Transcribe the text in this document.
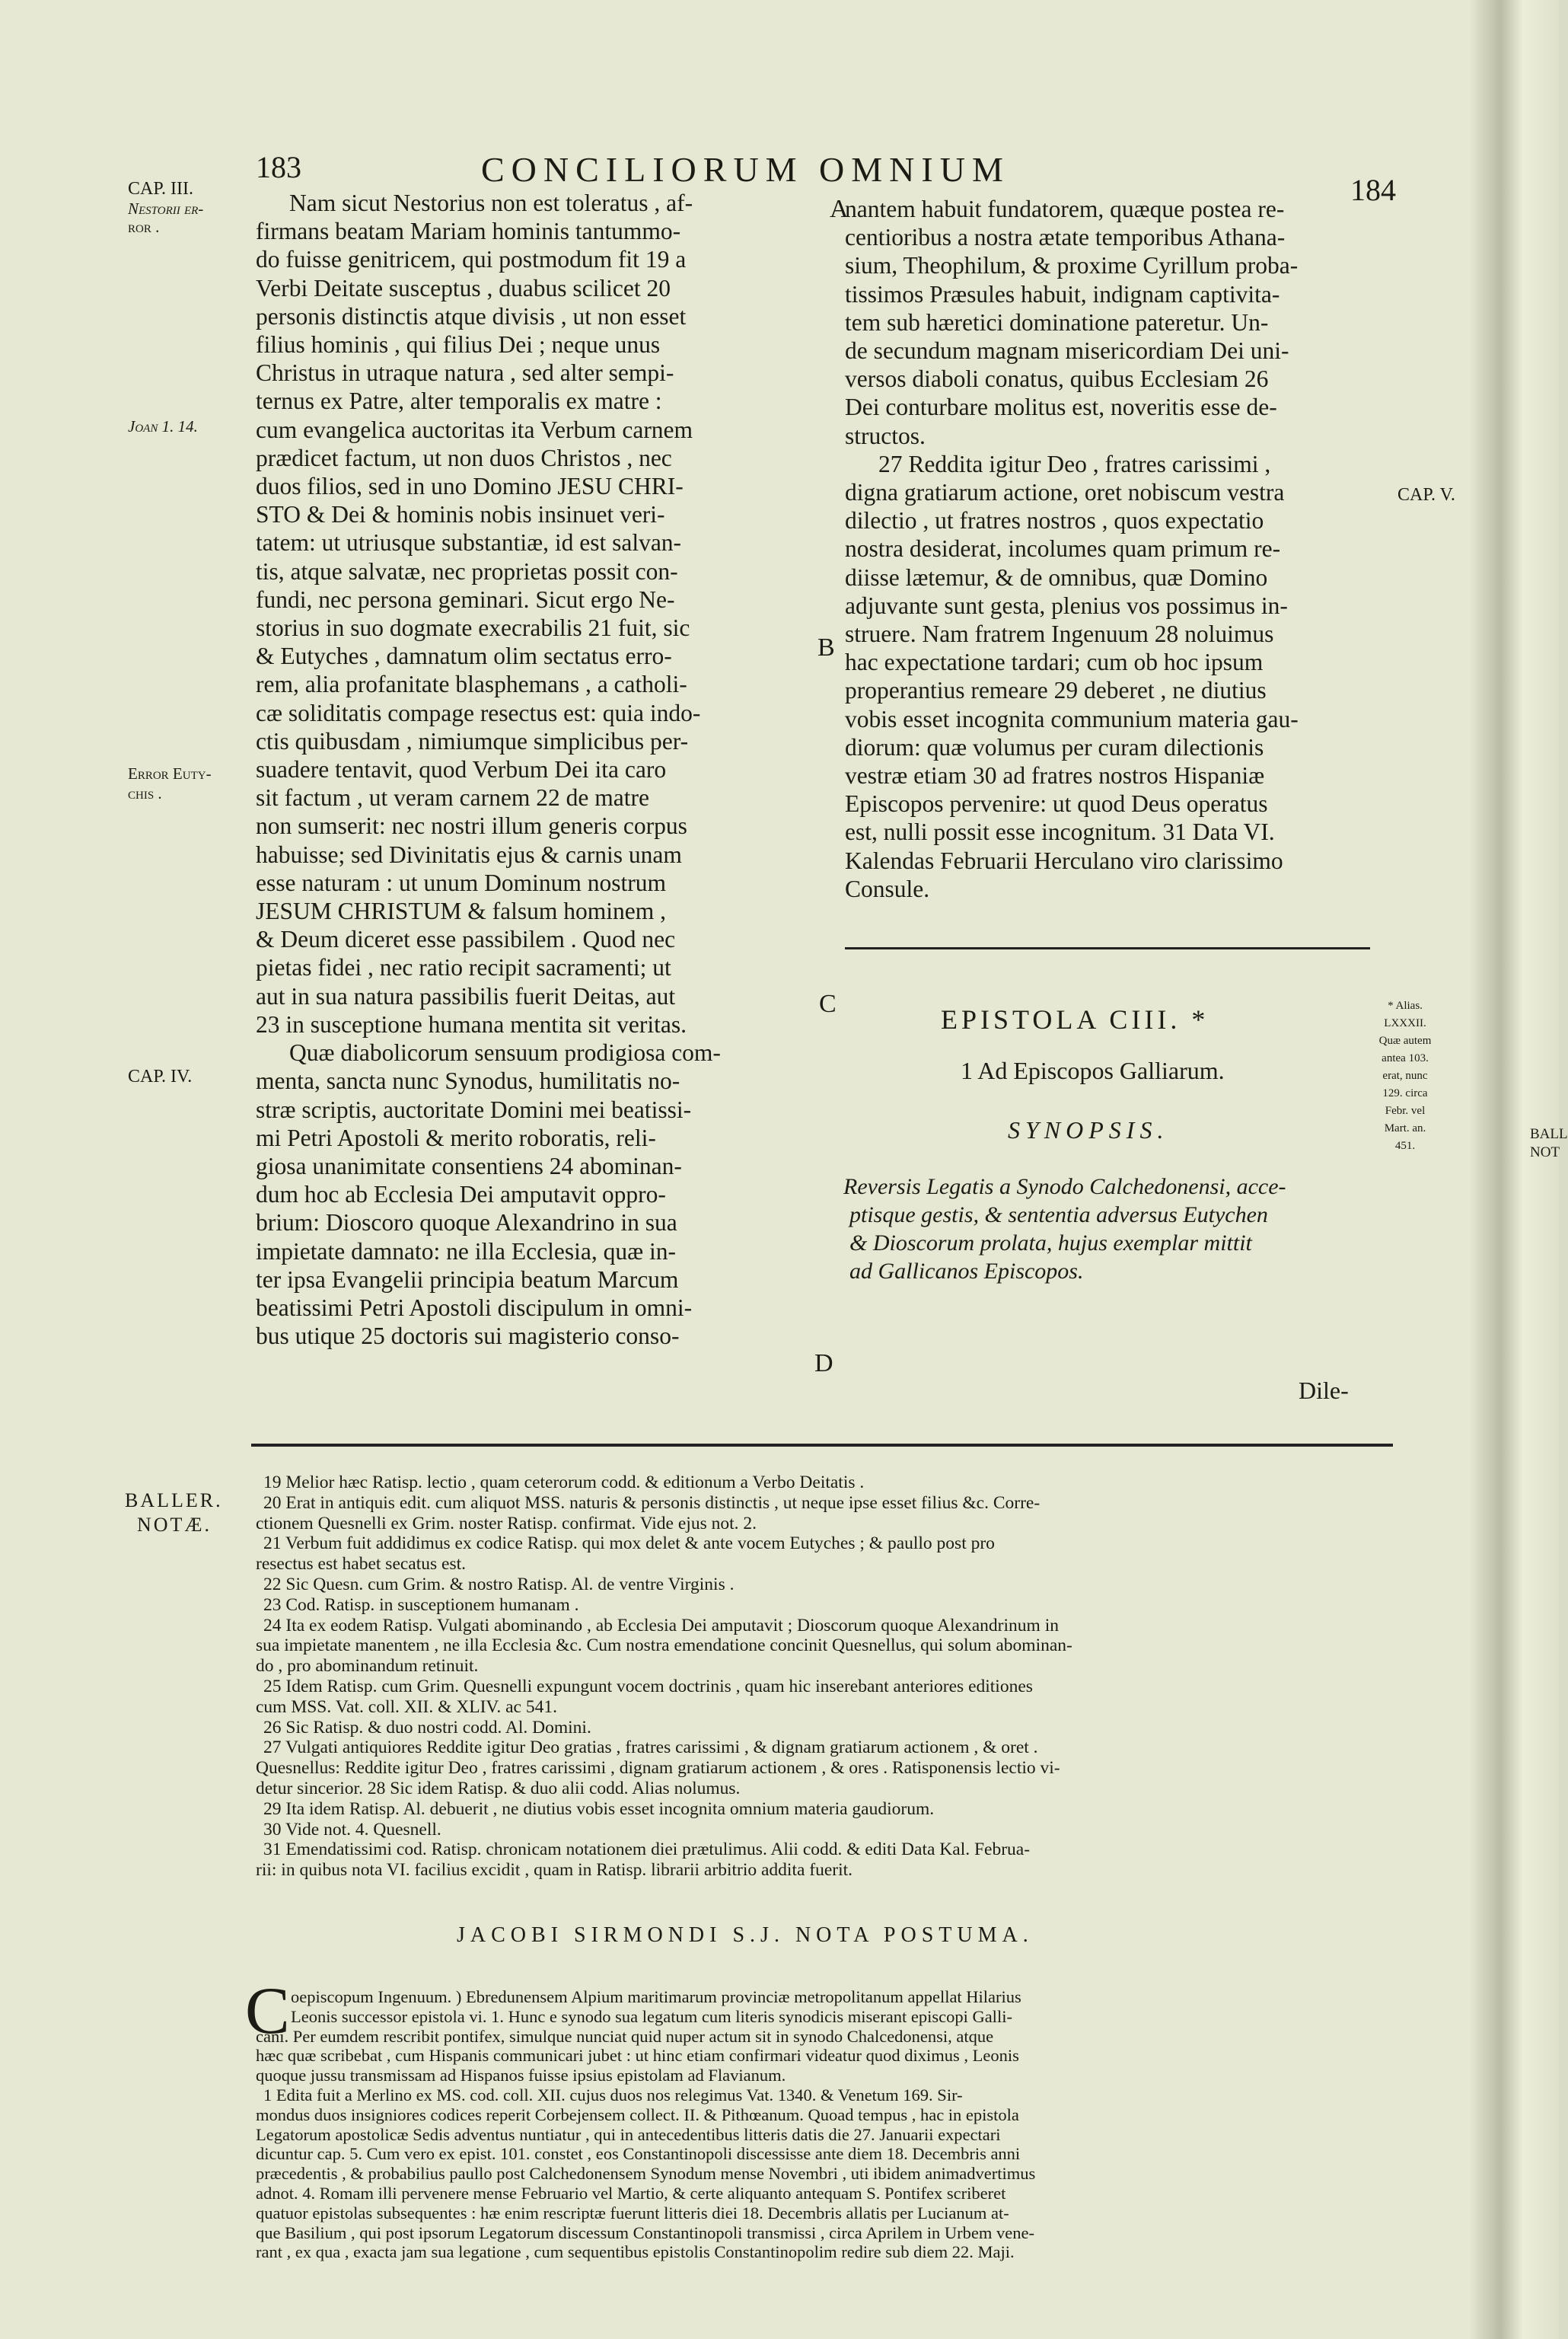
183	CONCILIORUM OMNIUM
184
CAP. III.
Nestorii er-
ror .
Joan 1. 14.
Error Euty-
chis .
CAP. IV.
BALLER.
NOTÆ.
CAP. V.
* Alias.
LXXXII.
Quæ autem
antea 103.
erat, nunc
129. circa
Febr. vel
Mart. an.
451.
BALL
NOT
A
B
C
D

Nam sicut Nestorius non est toleratus , af-

firmans beatam Mariam hominis tantummo-

do fuisse genitricem, qui postmodum fit 19 a

Verbi Deitate susceptus , duabus scilicet 20

personis distinctis atque divisis , ut non esset

filius hominis , qui filius Dei ; neque unus

Christus in utraque natura , sed alter sempi-

ternus ex Patre, alter temporalis ex matre :

cum evangelica auctoritas ita Verbum carnem

prædicet factum, ut non duos Christos , nec

duos filios, sed in uno Domino JESU CHRI-

STO & Dei & hominis nobis insinuet veri-

tatem: ut utriusque substantiæ, id est salvan-

tis, atque salvatæ, nec proprietas possit con-

fundi, nec persona geminari. Sicut ergo Ne-

storius in suo dogmate execrabilis 21 fuit, sic

& Eutyches , damnatum olim sectatus erro-

rem, alia profanitate blasphemans , a catholi-

cæ soliditatis compage resectus est: quia indo-

ctis quibusdam , nimiumque simplicibus per-

suadere tentavit, quod Verbum Dei ita caro

sit factum , ut veram carnem 22 de matre

non sumserit: nec nostri illum generis corpus

habuisse; sed Divinitatis ejus & carnis unam

esse naturam : ut unum Dominum nostrum

JESUM CHRISTUM & falsum hominem ,

& Deum diceret esse passibilem . Quod nec

pietas fidei , nec ratio recipit sacramenti; ut

aut in sua natura passibilis fuerit Deitas, aut

23 in susceptione humana mentita sit veritas.

Quæ diabolicorum sensuum prodigiosa com-

menta, sancta nunc Synodus, humilitatis no-

stræ scriptis, auctoritate Domini mei beatissi-

mi Petri Apostoli & merito roboratis, reli-

giosa unanimitate consentiens 24 abominan-

dum hoc ab Ecclesia Dei amputavit oppro-

brium: Dioscoro quoque Alexandrino in sua

impietate damnato: ne illa Ecclesia, quæ in-

ter ipsa Evangelii principia beatum Marcum

beatissimi Petri Apostoli discipulum in omni-

bus utique 25 doctoris sui magisterio conso-

nantem habuit fundatorem, quæque postea re-

centioribus a nostra ætate temporibus Athana-

sium, Theophilum, & proxime Cyrillum proba-

tissimos Præsules habuit, indignam captivita-

tem sub hæretici dominatione pateretur. Un-

de secundum magnam misericordiam Dei uni-

versos diaboli conatus, quibus Ecclesiam 26

Dei conturbare molitus est, noveritis esse de-

structos.

27 Reddita igitur Deo , fratres carissimi ,

digna gratiarum actione, oret nobiscum vestra

dilectio , ut fratres nostros , quos expectatio

nostra desiderat, incolumes quam primum re-

diisse lætemur, & de omnibus, quæ Domino

adjuvante sunt gesta, plenius vos possimus in-

struere. Nam fratrem Ingenuum 28 noluimus

hac expectatione tardari; cum ob hoc ipsum

properantius remeare 29 deberet , ne diutius

vobis esset incognita communium materia gau-

diorum: quæ volumus per curam dilectionis

vestræ etiam 30 ad fratres nostros Hispaniæ

Episcopos pervenire: ut quod Deus operatus

est, nulli possit esse incognitum. 31 Data VI.

Kalendas Februarii Herculano viro clarissimo

Consule.

EPISTOLA CIII. *
1 Ad Episcopos Galliarum.
SYNOPSIS.
Reversis Legatis a Synodo Calchedonensi, acce-
ptisque gestis, & sententia adversus Eutychen
& Dioscorum prolata, hujus exemplar mittit
ad Gallicanos Episcopos.
Dile-
19 Melior hæc Ratisp. lectio , quam ceterorum codd. & editionum a Verbo Deitatis .
20 Erat in antiquis edit. cum aliquot MSS. naturis & personis distinctis , ut neque ipse esset filius &c. Corre-
ctionem Quesnelli ex Grim. noster Ratisp. confirmat. Vide ejus not. 2.
21 Verbum fuit addidimus ex codice Ratisp. qui mox delet & ante vocem Eutyches ; & paullo post pro
resectus est habet secatus est.
22 Sic Quesn. cum Grim. & nostro Ratisp. Al. de ventre Virginis .
23 Cod. Ratisp. in susceptionem humanam .
24 Ita ex eodem Ratisp. Vulgati abominando , ab Ecclesia Dei amputavit ; Dioscorum quoque Alexandrinum in
sua impietate manentem , ne illa Ecclesia &c. Cum nostra emendatione concinit Quesnellus, qui solum abominan-
do , pro abominandum retinuit.
25 Idem Ratisp. cum Grim. Quesnelli expungunt vocem doctrinis , quam hic inserebant anteriores editiones
cum MSS. Vat. coll. XII. & XLIV. ac 541.
26 Sic Ratisp. & duo nostri codd. Al. Domini.
27 Vulgati antiquiores Reddite igitur Deo gratias , fratres carissimi , & dignam gratiarum actionem , & oret .
Quesnellus: Reddite igitur Deo , fratres carissimi , dignam gratiarum actionem , & ores . Ratisponensis lectio vi-
detur sincerior. 28 Sic idem Ratisp. & duo alii codd. Alias nolumus.
29 Ita idem Ratisp. Al. debuerit , ne diutius vobis esset incognita omnium materia gaudiorum.
30 Vide not. 4. Quesnell.
31 Emendatissimi cod. Ratisp. chronicam notationem diei prætulimus. Alii codd. & editi Data Kal. Februa-
rii: in quibus nota VI. facilius excidit , quam in Ratisp. librarii arbitrio addita fuerit.
JACOBI SIRMONDI S.J. NOTA POSTUMA.
C oepiscopum Ingenuum. ) Ebredunensem Alpium maritimarum provinciæ metropolitanum appellat Hilarius
Leonis successor epistola vi. 1. Hunc e synodo sua legatum cum literis synodicis miserant episcopi Galli-
cani. Per eumdem rescribit pontifex, simulque nunciat quid nuper actum sit in synodo Chalcedonensi, atque
hæc quæ scribebat , cum Hispanis communicari jubet : ut hinc etiam confirmari videatur quod diximus , Leonis
quoque jussu transmissam ad Hispanos fuisse ipsius epistolam ad Flavianum.
1 Edita fuit a Merlino ex MS. cod. coll. XII. cujus duos nos relegimus Vat. 1340. & Venetum 169. Sir-
mondus duos insigniores codices reperit Corbejensem collect. II. & Pithœanum. Quoad tempus , hac in epistola
Legatorum apostolicæ Sedis adventus nuntiatur , qui in antecedentibus litteris datis die 27. Januarii expectari
dicuntur cap. 5. Cum vero ex epist. 101. constet , eos Constantinopoli discessisse ante diem 18. Decembris anni
præcedentis , & probabilius paullo post Calchedonensem Synodum mense Novembri , uti ibidem animadvertimus
adnot. 4. Romam illi pervenere mense Februario vel Martio, & certe aliquanto antequam S. Pontifex scriberet
quatuor epistolas subsequentes : hæ enim rescriptæ fuerunt litteris diei 18. Decembris allatis per Lucianum at-
que Basilium , qui post ipsorum Legatorum discessum Constantinopoli transmissi , circa Aprilem in Urbem vene-
rant , ex qua , exacta jam sua legatione , cum sequentibus epistolis Constantinopolim redire sub diem 22. Maji.
